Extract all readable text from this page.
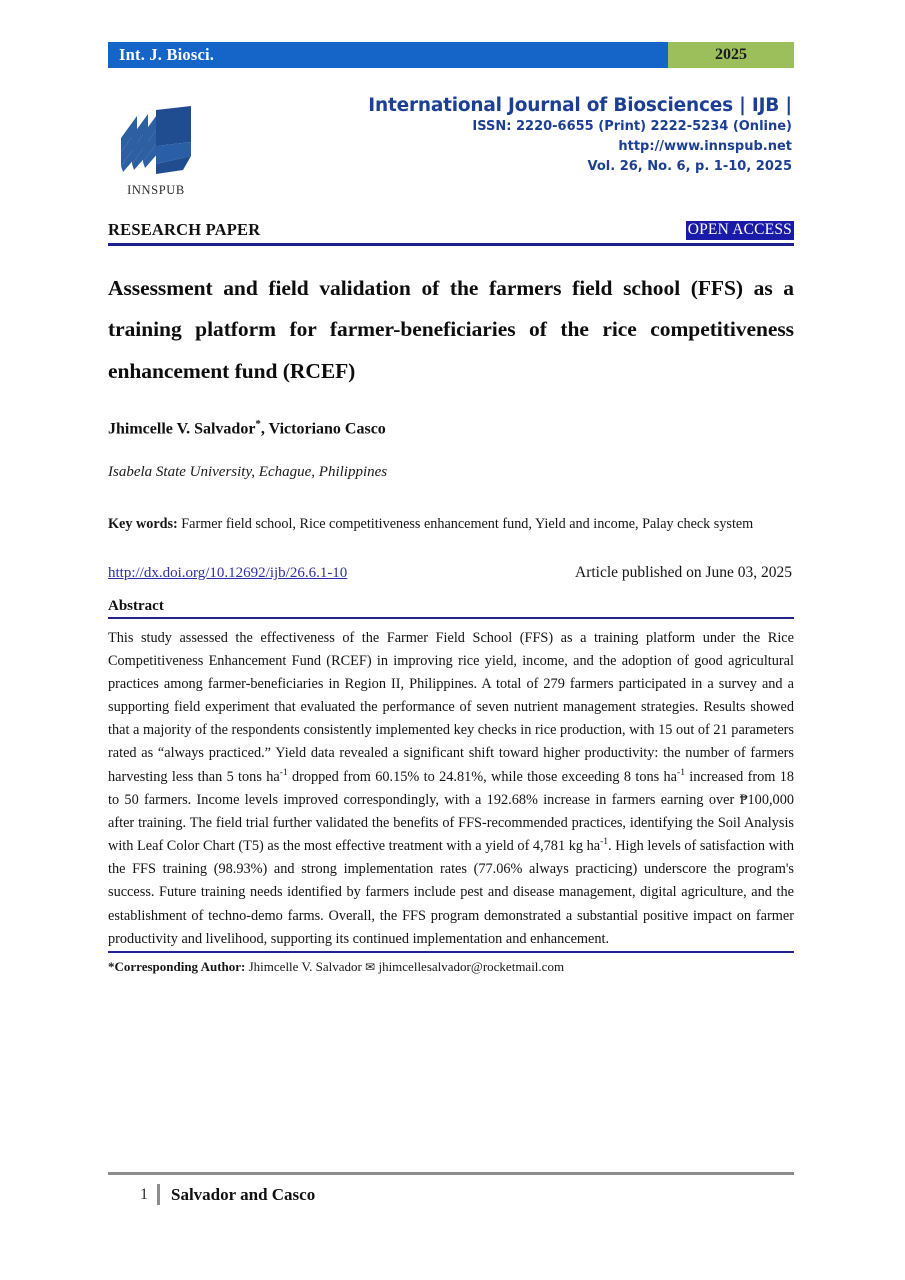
Int. J. Biosci.	2025
INNSPUB
International Journal of Biosciences | IJB |
ISSN: 2220-6655 (Print) 2222-5234 (Online)
http://www.innspub.net
Vol. 26, No. 6, p. 1-10, 2025
RESEARCH PAPER	OPEN ACCESS
Assessment and field validation of the farmers field school (FFS) as a training platform for farmer-beneficiaries of the rice competitiveness enhancement fund (RCEF)
Jhimcelle V. Salvador*, Victoriano Casco
Isabela State University, Echague, Philippines
Key words: Farmer field school, Rice competitiveness enhancement fund, Yield and income, Palay check system
http://dx.doi.org/10.12692/ijb/26.6.1-10	Article published on June 03, 2025
Abstract
This study assessed the effectiveness of the Farmer Field School (FFS) as a training platform under the Rice Competitiveness Enhancement Fund (RCEF) in improving rice yield, income, and the adoption of good agricultural practices among farmer-beneficiaries in Region II, Philippines. A total of 279 farmers participated in a survey and a supporting field experiment that evaluated the performance of seven nutrient management strategies. Results showed that a majority of the respondents consistently implemented key checks in rice production, with 15 out of 21 parameters rated as “always practiced.” Yield data revealed a significant shift toward higher productivity: the number of farmers harvesting less than 5 tons $ha^{-1}$ dropped from 60.15% to 24.81%, while those exceeding 8 tons $ha^{-1}$ increased from 18 to 50 farmers. Income levels improved correspondingly, with a 192.68% increase in farmers earning over ₱100,000 after training. The field trial further validated the benefits of FFS-recommended practices, identifying the Soil Analysis with Leaf Color Chart (T5) as the most effective treatment with a yield of 4,781 kg $ha^{-1}$. High levels of satisfaction with the FFS training (98.93%) and strong implementation rates (77.06% always practicing) underscore the program's success. Future training needs identified by farmers include pest and disease management, digital agriculture, and the establishment of techno-demo farms. Overall, the FFS program demonstrated a substantial positive impact on farmer productivity and livelihood, supporting its continued implementation and enhancement.
*Corresponding Author: Jhimcelle V. Salvador ✉ jhimcellesalvador@rocketmail.com
1	Salvador and Casco
